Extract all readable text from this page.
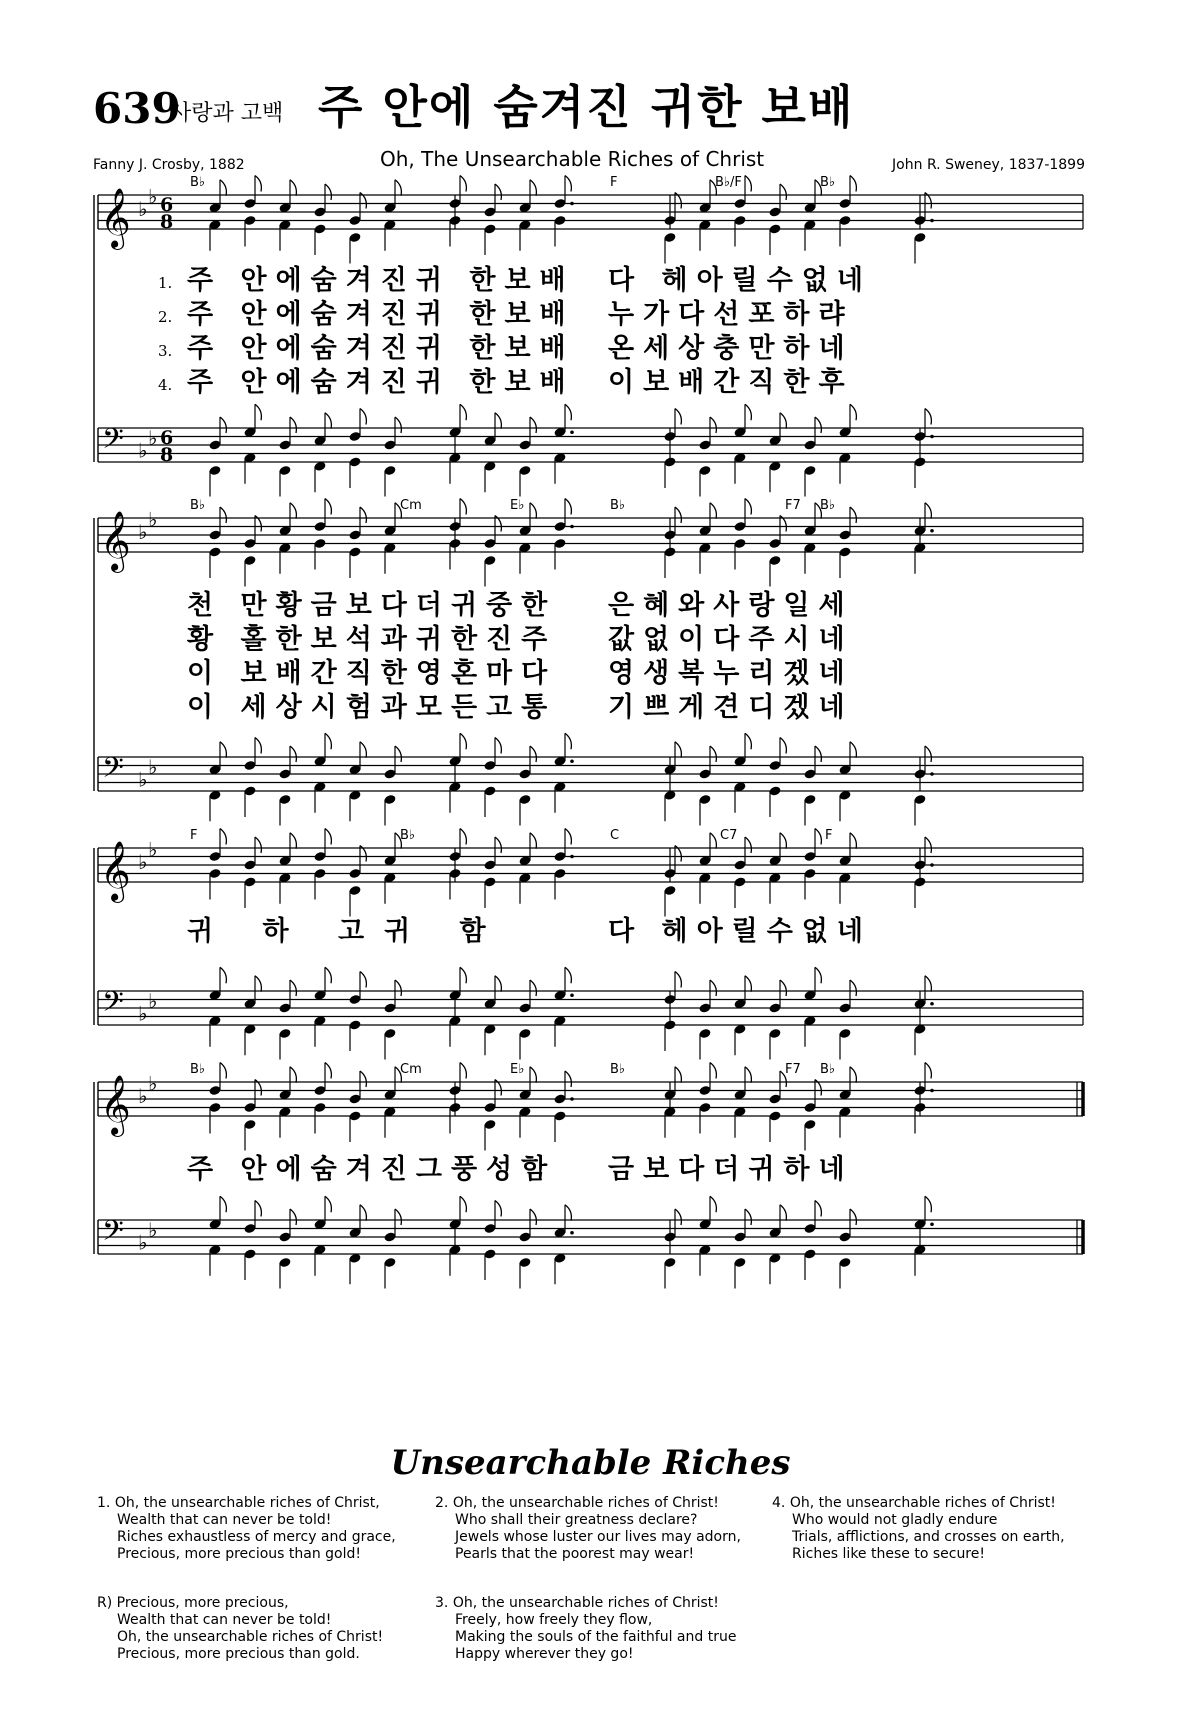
639
사랑과 고백 주 안에 숨겨진 귀한 보배
Oh, The Unsearchable Riches of Christ
Fanny J. Crosby, 1882	John R. Sweney, 1837-1899
𝄞 ♭
♭ 6
8
𝄢 ♭
♭ 6
8
𝄞 ♭
♭
𝄢 ♭
♭
𝄞 ♭
♭
𝄢 ♭
♭
𝄞 ♭
♭
𝄢 ♭
♭
1. 주 안에숨겨진귀 한보배 다 헤아릴수없네
2. 주 안에숨겨진귀 한보배 누가다선포하랴
3. 주 안에숨겨진귀 한보배 온세상충만하네
4. 주 안에숨겨진귀 한보배 이보배간직한후
천 만황금보다더귀중한 은혜와사랑일세
황 홀한보석과귀한진주 값없이다주시네
이 보배간직한영혼마다 영생복누리겠네
이 세상시험과모든고통 기쁘게견디겠네
귀 하 고귀 함	다 헤아릴수없네
주 안에숨겨진그풍성함 금보다더귀하네
B♭	F	B♭/F	B♭
B♭	Cm	E♭	B♭	F7 B♭
F	B♭	C	C7	F
B♭	Cm	E♭	B♭	F7 B♭
Unsearchable Riches
1. Oh, the unsearchable riches of Christ,
Wealth that can never be told!
Riches exhaustless of mercy and grace,
Precious, more precious than gold!
R) Precious, more precious,
Wealth that can never be told!
Oh, the unsearchable riches of Christ!
Precious, more precious than gold.
2. Oh, the unsearchable riches of Christ!
Who shall their greatness declare?
Jewels whose luster our lives may adorn,
Pearls that the poorest may wear!
3. Oh, the unsearchable riches of Christ!
Freely, how freely they flow,
Making the souls of the faithful and true
Happy wherever they go!
4. Oh, the unsearchable riches of Christ!
Who would not gladly endure
Trials, afflictions, and crosses on earth,
Riches like these to secure!
